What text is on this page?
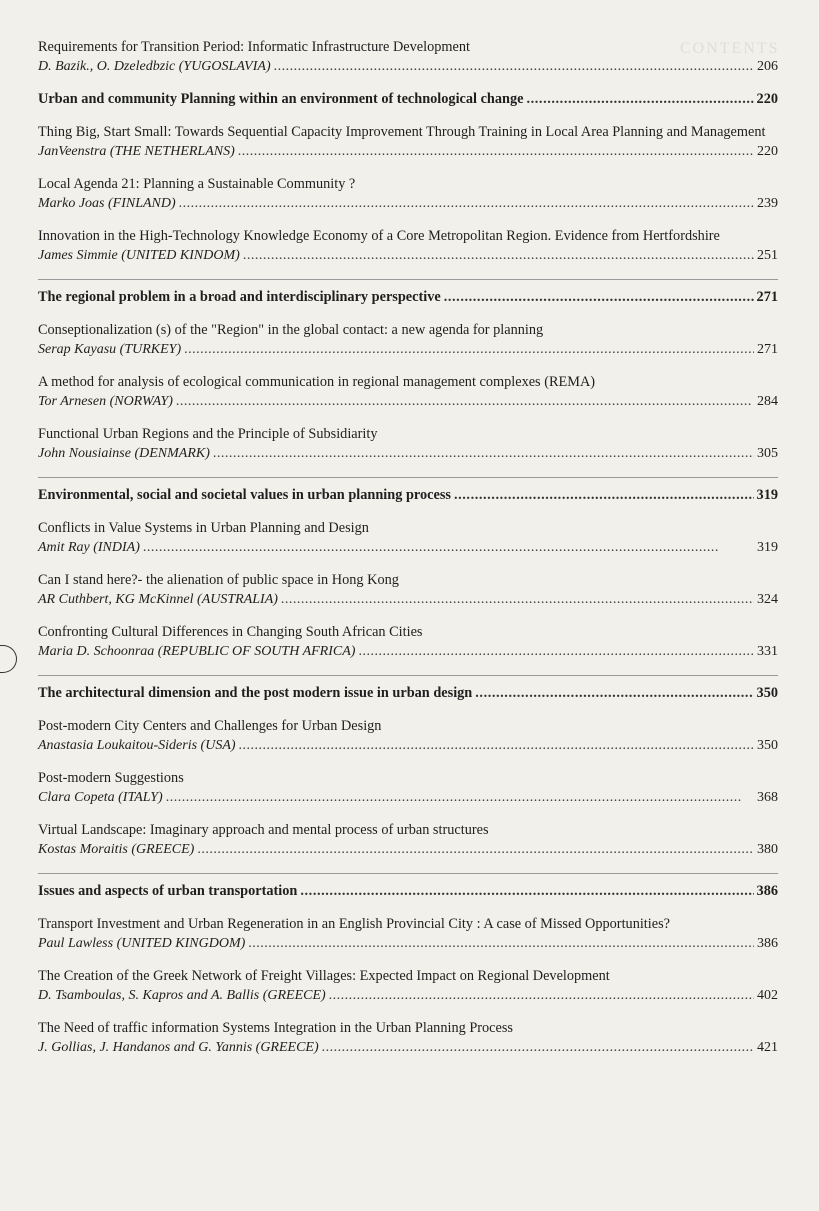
CONTENTS
Requirements for Transition Period: Informatic Infrastructure Development
D. Bazik., O. Dzeledbzic (YUGOSLAVIA) . . .	206
Urban and community Planning within an environment of technological change . . .	220
Thing Big, Start Small: Towards Sequential Capacity Improvement Through Training in Local Area Planning and Management
JanVeenstra (THE NETHERLANS) . . .	220
Local Agenda 21: Planning a Sustainable Community ?
Marko Joas (FINLAND) . . .	239
Innovation in the High-Technology Knowledge Economy of a Core Metropolitan Region. Evidence from Hertfordshire
James Simmie (UNITED KINDOM) . . .	251
The regional problem in a broad and interdisciplinary perspective . . .	271
Conseptionalization (s) of the "Region" in the global contact: a new agenda for planning
Serap Kayasu (TURKEY) . . .	271
A method for analysis of ecological communication in regional management complexes (REMA)
Tor Arnesen (NORWAY) . . .	284
Functional Urban Regions and the Principle of Subsidiarity
John Nousiainse (DENMARK) . . .	305
Environmental, social and societal values in urban planning process . . .	319
Conflicts in Value Systems in Urban Planning and Design
Amit Ray (INDIA) . . .	319
Can I stand here?- the alienation of public space in Hong Kong
AR Cuthbert, KG McKinnel (AUSTRALIA) . . .	324
Confronting Cultural Differences in Changing South African Cities
Maria D. Schoonraa (REPUBLIC OF SOUTH AFRICA) . . .	331
The architectural dimension and the post modern issue in urban design . . .	350
Post-modern City Centers and Challenges for Urban Design
Anastasia Loukaitou-Sideris (USA) . . .	350
Post-modern Suggestions
Clara Copeta (ITALY) . . .	368
Virtual Landscape: Imaginary approach and mental process of urban structures
Kostas Moraitis (GREECE) . . .	380
Issues and aspects of urban transportation . . .	386
Transport Investment and Urban Regeneration in an English Provincial City : A case of Missed Opportunities?
Paul Lawless (UNITED KINGDOM) . . .	386
The Creation of the Greek Network of Freight Villages: Expected Impact on Regional Development
D. Tsamboulas, S. Kapros and A. Ballis (GREECE) . . .	402
The Need of traffic information Systems Integration in the Urban Planning Process
J. Gollias, J. Handanos and G. Yannis (GREECE) . . .	421
